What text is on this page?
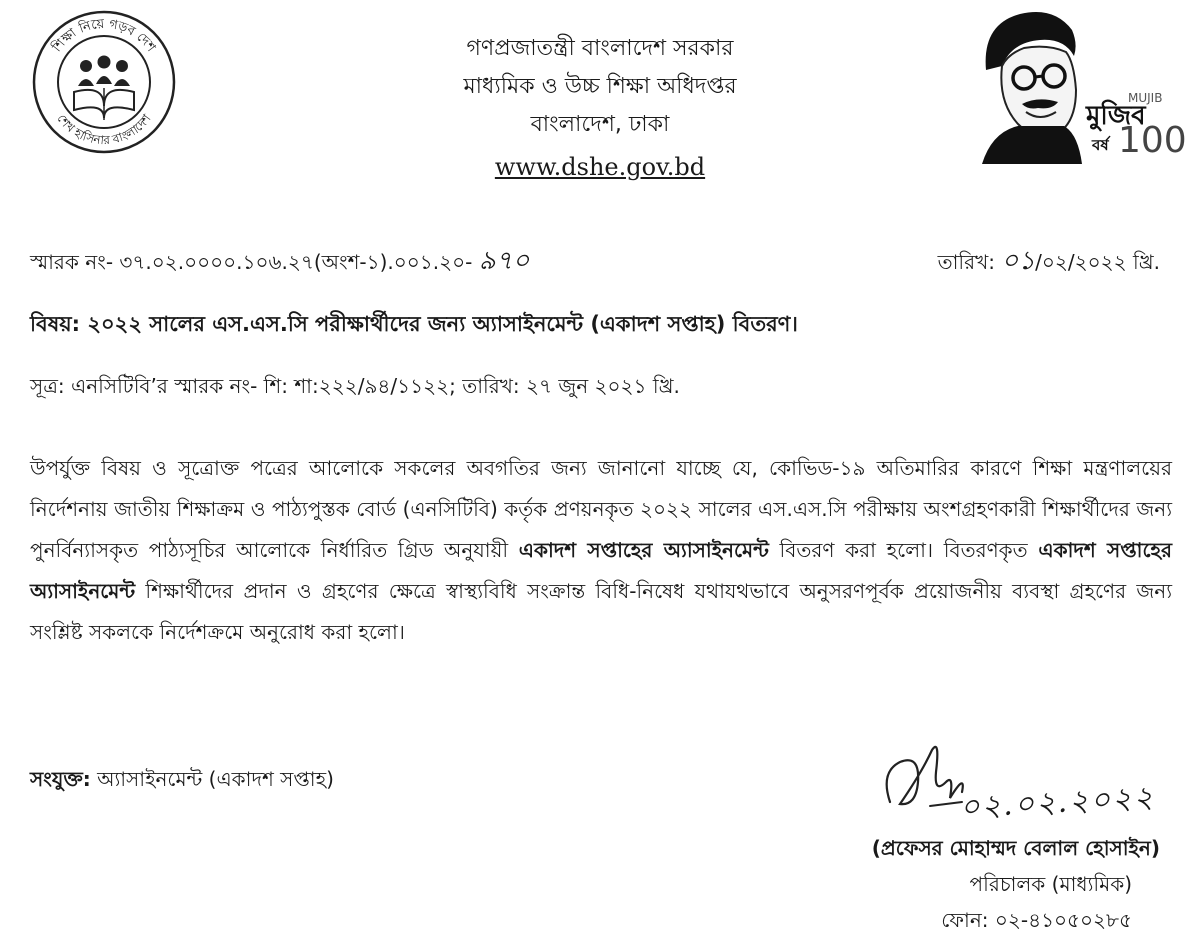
শিক্ষা নিয়ে গড়ব দেশ
শেখ হাসিনার বাংলাদেশ
গণপ্রজাতন্ত্রী বাংলাদেশ সরকার
মাধ্যমিক ও উচ্চ শিক্ষা অধিদপ্তর
বাংলাদেশ, ঢাকা
www.dshe.gov.bd
মুজিব
বর্ষ
MUJIB
100
স্মারক নং- ৩৭.০২.০০০০.১০৬.২৭(অংশ-১).০০১.২০- ৯৭০	তারিখ: ০১/০২/২০২২ খ্রি.
বিষয়: ২০২২ সালের এস.এস.সি পরীক্ষার্থীদের জন্য অ্যাসাইনমেন্ট (একাদশ সপ্তাহ) বিতরণ।
সূত্র: এনসিটিবি’র স্মারক নং- শি: শা:২২২/৯৪/১১২২; তারিখ: ২৭ জুন ২০২১ খ্রি.
উপর্যুক্ত বিষয় ও সূত্রোক্ত পত্রের আলোকে সকলের অবগতির জন্য জানানো যাচ্ছে যে, কোভিড-১৯ অতিমারির কারণে শিক্ষা মন্ত্রণালয়ের নির্দেশনায় জাতীয় শিক্ষাক্রম ও পাঠ্যপুস্তক বোর্ড (এনসিটিবি) কর্তৃক প্রণয়নকৃত ২০২২ সালের এস.এস.সি পরীক্ষায় অংশগ্রহণকারী শিক্ষার্থীদের জন্য পুনর্বিন্যাসকৃত পাঠ্যসূচির আলোকে নির্ধারিত গ্রিড অনুযায়ী একাদশ সপ্তাহের অ্যাসাইনমেন্ট বিতরণ করা হলো। বিতরণকৃত একাদশ সপ্তাহের অ্যাসাইনমেন্ট শিক্ষার্থীদের প্রদান ও গ্রহণের ক্ষেত্রে স্বাস্থ্যবিধি সংক্রান্ত বিধি-নিষেধ যথাযথভাবে অনুসরণপূর্বক প্রয়োজনীয় ব্যবস্থা গ্রহণের জন্য সংশ্লিষ্ট সকলকে নির্দেশক্রমে অনুরোধ করা হলো।
সংযুক্ত: অ্যাসাইনমেন্ট (একাদশ সপ্তাহ)
০২.০২.২০২২
(প্রফেসর মোহাম্মদ বেলাল হোসাইন)

পরিচালক (মাধ্যমিক)
ফোন: ০২-৪১০৫০২৮৫
